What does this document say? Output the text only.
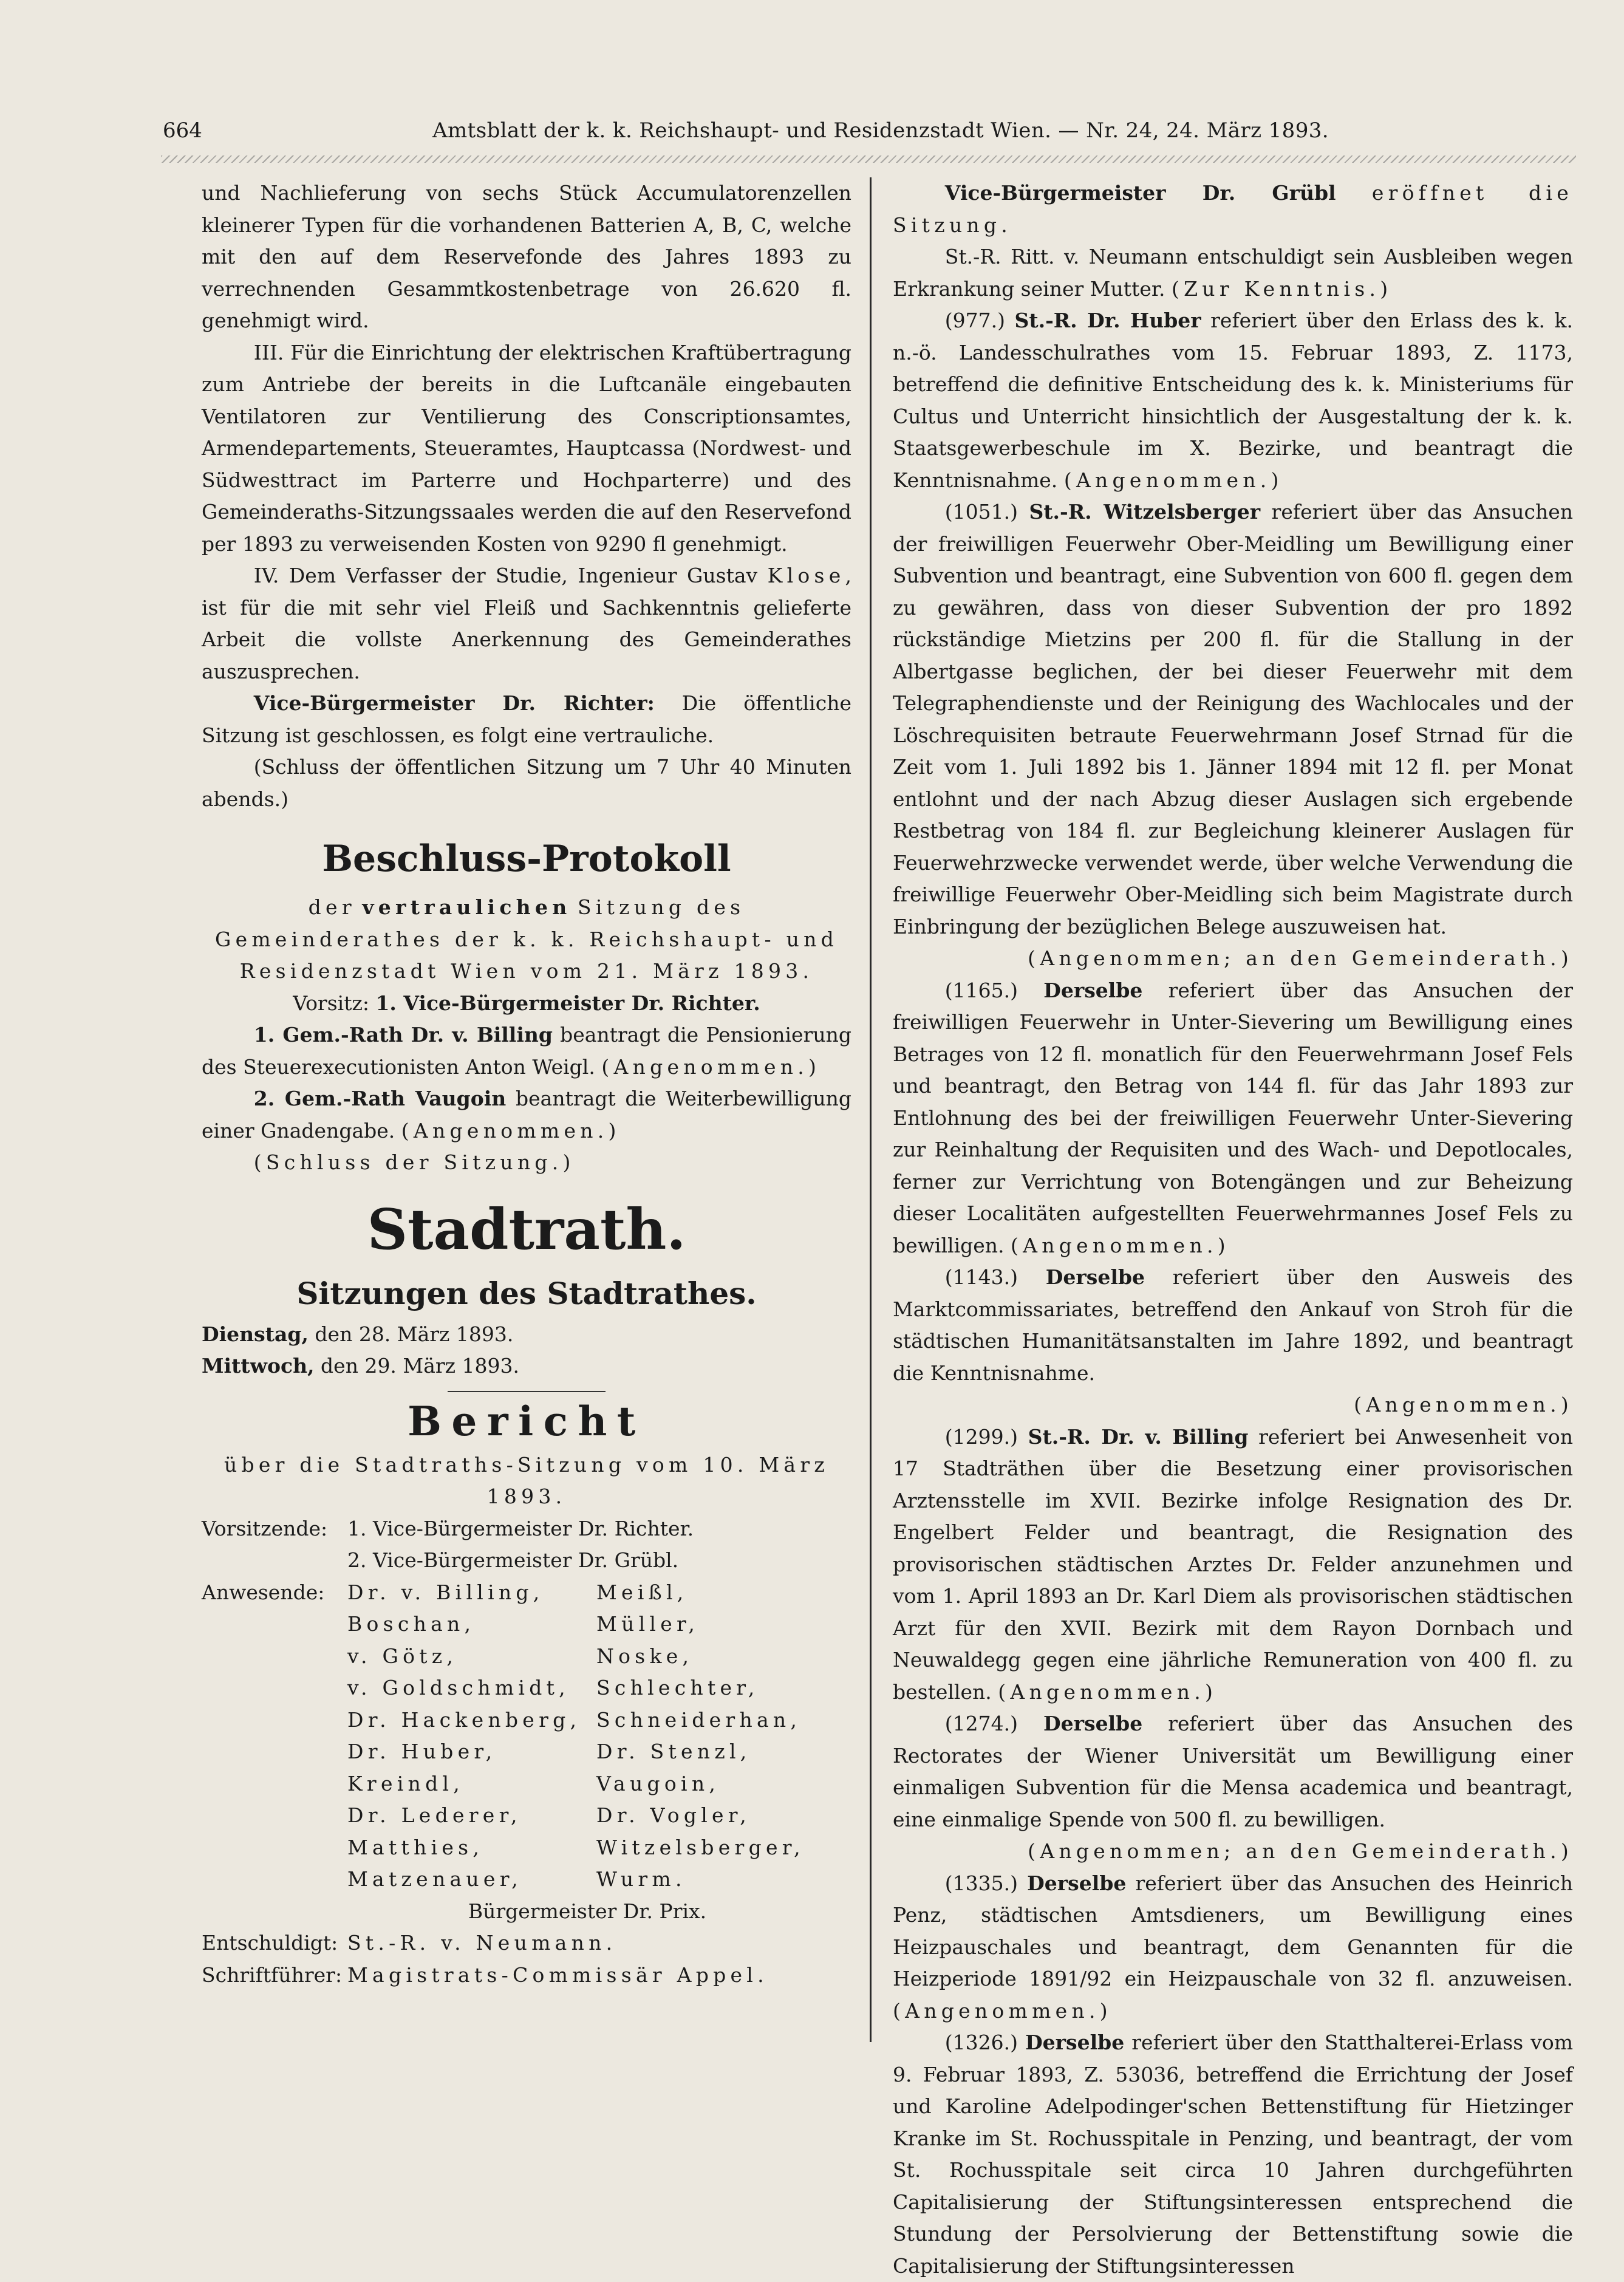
664	Amtsblatt der k. k. Reichshaupt- und Residenzstadt Wien. — Nr. 24, 24. März 1893.

und Nachlieferung von sechs Stück Accumulatorenzellen kleinerer Typen für die vorhandenen Batterien A, B, C, welche mit den auf dem Reservefonde des Jahres 1893 zu verrechnenden Gesammtkostenbetrage von 26.620 fl. genehmigt wird.

III. Für die Einrichtung der elektrischen Kraftübertragung zum Antriebe der bereits in die Luftcanäle eingebauten Ventilatoren zur Ventilierung des Conscriptionsamtes, Armendepartements, Steueramtes, Hauptcassa (Nordwest- und Südwesttract im Parterre und Hochparterre) und des Gemeinderaths-Sitzungssaales werden die auf den Reservefond per 1893 zu verweisenden Kosten von 9290 fl genehmigt.

IV. Dem Verfasser der Studie, Ingenieur Gustav Klose, ist für die mit sehr viel Fleiß und Sachkenntnis gelieferte Arbeit die vollste Anerkennung des Gemeinderathes auszusprechen.

Vice-Bürgermeister Dr. Richter: Die öffentliche Sitzung ist geschlossen, es folgt eine vertrauliche.

(Schluss der öffentlichen Sitzung um 7 Uhr 40 Minuten abends.)

Beschluss-Protokoll

der vertraulichen Sitzung des Gemeinderathes der k. k. Reichshaupt- und Residenzstadt Wien vom 21. März 1893.

Vorsitz: 1. Vice-Bürgermeister Dr. Richter.

1. Gem.-Rath Dr. v. Billing beantragt die Pensionierung des Steuerexecutionisten Anton Weigl. (Angenommen.)

2. Gem.-Rath Vaugoin beantragt die Weiterbewilligung einer Gnadengabe. (Angenommen.)

(Schluss der Sitzung.)

Stadtrath.
Sitzungen des Stadtrathes.

Dienstag, den 28. März 1893.

Mittwoch, den 29. März 1893.

Bericht

über die Stadtraths-Sitzung vom 10. März 1893.

Vorsitzende: 1. Vice-Bürgermeister Dr. Richter.
2. Vice-Bürgermeister Dr. Grübl.
Anwesende:	Dr. v. Billing,	Meißl,
Boschan,	Müller,
v. Götz,	Noske,
v. Goldschmidt,	Schlechter,
Dr. Hackenberg, Schneiderhan,
Dr. Huber,	Dr. Stenzl,
Kreindl,	Vaugoin,
Dr. Lederer,	Dr. Vogler,
Matthies,	Witzelsberger,
Matzenauer,	Wurm.
Bürgermeister Dr. Prix.
Entschuldigt: St.-R. v. Neumann.
Schriftführer: Magistrats-Commissär Appel.

Vice-Bürgermeister Dr. Grübl eröffnet die Sitzung.

St.-R. Ritt. v. Neumann entschuldigt sein Ausbleiben wegen Erkrankung seiner Mutter. (Zur Kenntnis.)

(977.) St.-R. Dr. Huber referiert über den Erlass des k. k. n.-ö. Landesschulrathes vom 15. Februar 1893, Z. 1173, betreffend die definitive Entscheidung des k. k. Ministeriums für Cultus und Unterricht hinsichtlich der Ausgestaltung der k. k. Staatsgewerbeschule im X. Bezirke, und beantragt die Kenntnisnahme. (Angenommen.)

(1051.) St.-R. Witzelsberger referiert über das Ansuchen der freiwilligen Feuerwehr Ober-Meidling um Bewilligung einer Subvention und beantragt, eine Subvention von 600 fl. gegen dem zu gewähren, dass von dieser Subvention der pro 1892 rückständige Mietzins per 200 fl. für die Stallung in der Albertgasse beglichen, der bei dieser Feuerwehr mit dem Telegraphendienste und der Reinigung des Wachlocales und der Löschrequisiten betraute Feuerwehrmann Josef Strnad für die Zeit vom 1. Juli 1892 bis 1. Jänner 1894 mit 12 fl. per Monat entlohnt und der nach Abzug dieser Auslagen sich ergebende Restbetrag von 184 fl. zur Begleichung kleinerer Auslagen für Feuerwehrzwecke verwendet werde, über welche Verwendung die freiwillige Feuerwehr Ober-Meidling sich beim Magistrate durch Einbringung der bezüglichen Belege auszuweisen hat.

(Angenommen; an den Gemeinderath.)

(1165.) Derselbe referiert über das Ansuchen der freiwilligen Feuerwehr in Unter-Sievering um Bewilligung eines Betrages von 12 fl. monatlich für den Feuerwehrmann Josef Fels und beantragt, den Betrag von 144 fl. für das Jahr 1893 zur Entlohnung des bei der freiwilligen Feuerwehr Unter-Sievering zur Reinhaltung der Requisiten und des Wach- und Depotlocales, ferner zur Verrichtung von Botengängen und zur Beheizung dieser Localitäten aufgestellten Feuerwehrmannes Josef Fels zu bewilligen. (Angenommen.)

(1143.) Derselbe referiert über den Ausweis des Marktcommissariates, betreffend den Ankauf von Stroh für die städtischen Humanitätsanstalten im Jahre 1892, und beantragt die Kenntnisnahme.

(Angenommen.)

(1299.) St.-R. Dr. v. Billing referiert bei Anwesenheit von 17 Stadträthen über die Besetzung einer provisorischen Arztensstelle im XVII. Bezirke infolge Resignation des Dr. Engelbert Felder und beantragt, die Resignation des provisorischen städtischen Arztes Dr. Felder anzunehmen und vom 1. April 1893 an Dr. Karl Diem als provisorischen städtischen Arzt für den XVII. Bezirk mit dem Rayon Dornbach und Neuwaldegg gegen eine jährliche Remuneration von 400 fl. zu bestellen. (Angenommen.)

(1274.) Derselbe referiert über das Ansuchen des Rectorates der Wiener Universität um Bewilligung einer einmaligen Subvention für die Mensa academica und beantragt, eine einmalige Spende von 500 fl. zu bewilligen.

(Angenommen; an den Gemeinderath.)

(1335.) Derselbe referiert über das Ansuchen des Heinrich Penz, städtischen Amtsdieners, um Bewilligung eines Heizpauschales und beantragt, dem Genannten für die Heizperiode 1891/92 ein Heizpauschale von 32 fl. anzuweisen. (Angenommen.)

(1326.) Derselbe referiert über den Statthalterei-Erlass vom 9. Februar 1893, Z. 53036, betreffend die Errichtung der Josef und Karoline Adelpodinger'schen Bettenstiftung für Hietzinger Kranke im St. Rochusspitale in Penzing, und beantragt, der vom St. Rochusspitale seit circa 10 Jahren durchgeführten Capitalisierung der Stiftungsinteressen entsprechend die Stundung der Persolvierung der Bettenstiftung sowie die Capitalisierung der Stiftungsinteressen
